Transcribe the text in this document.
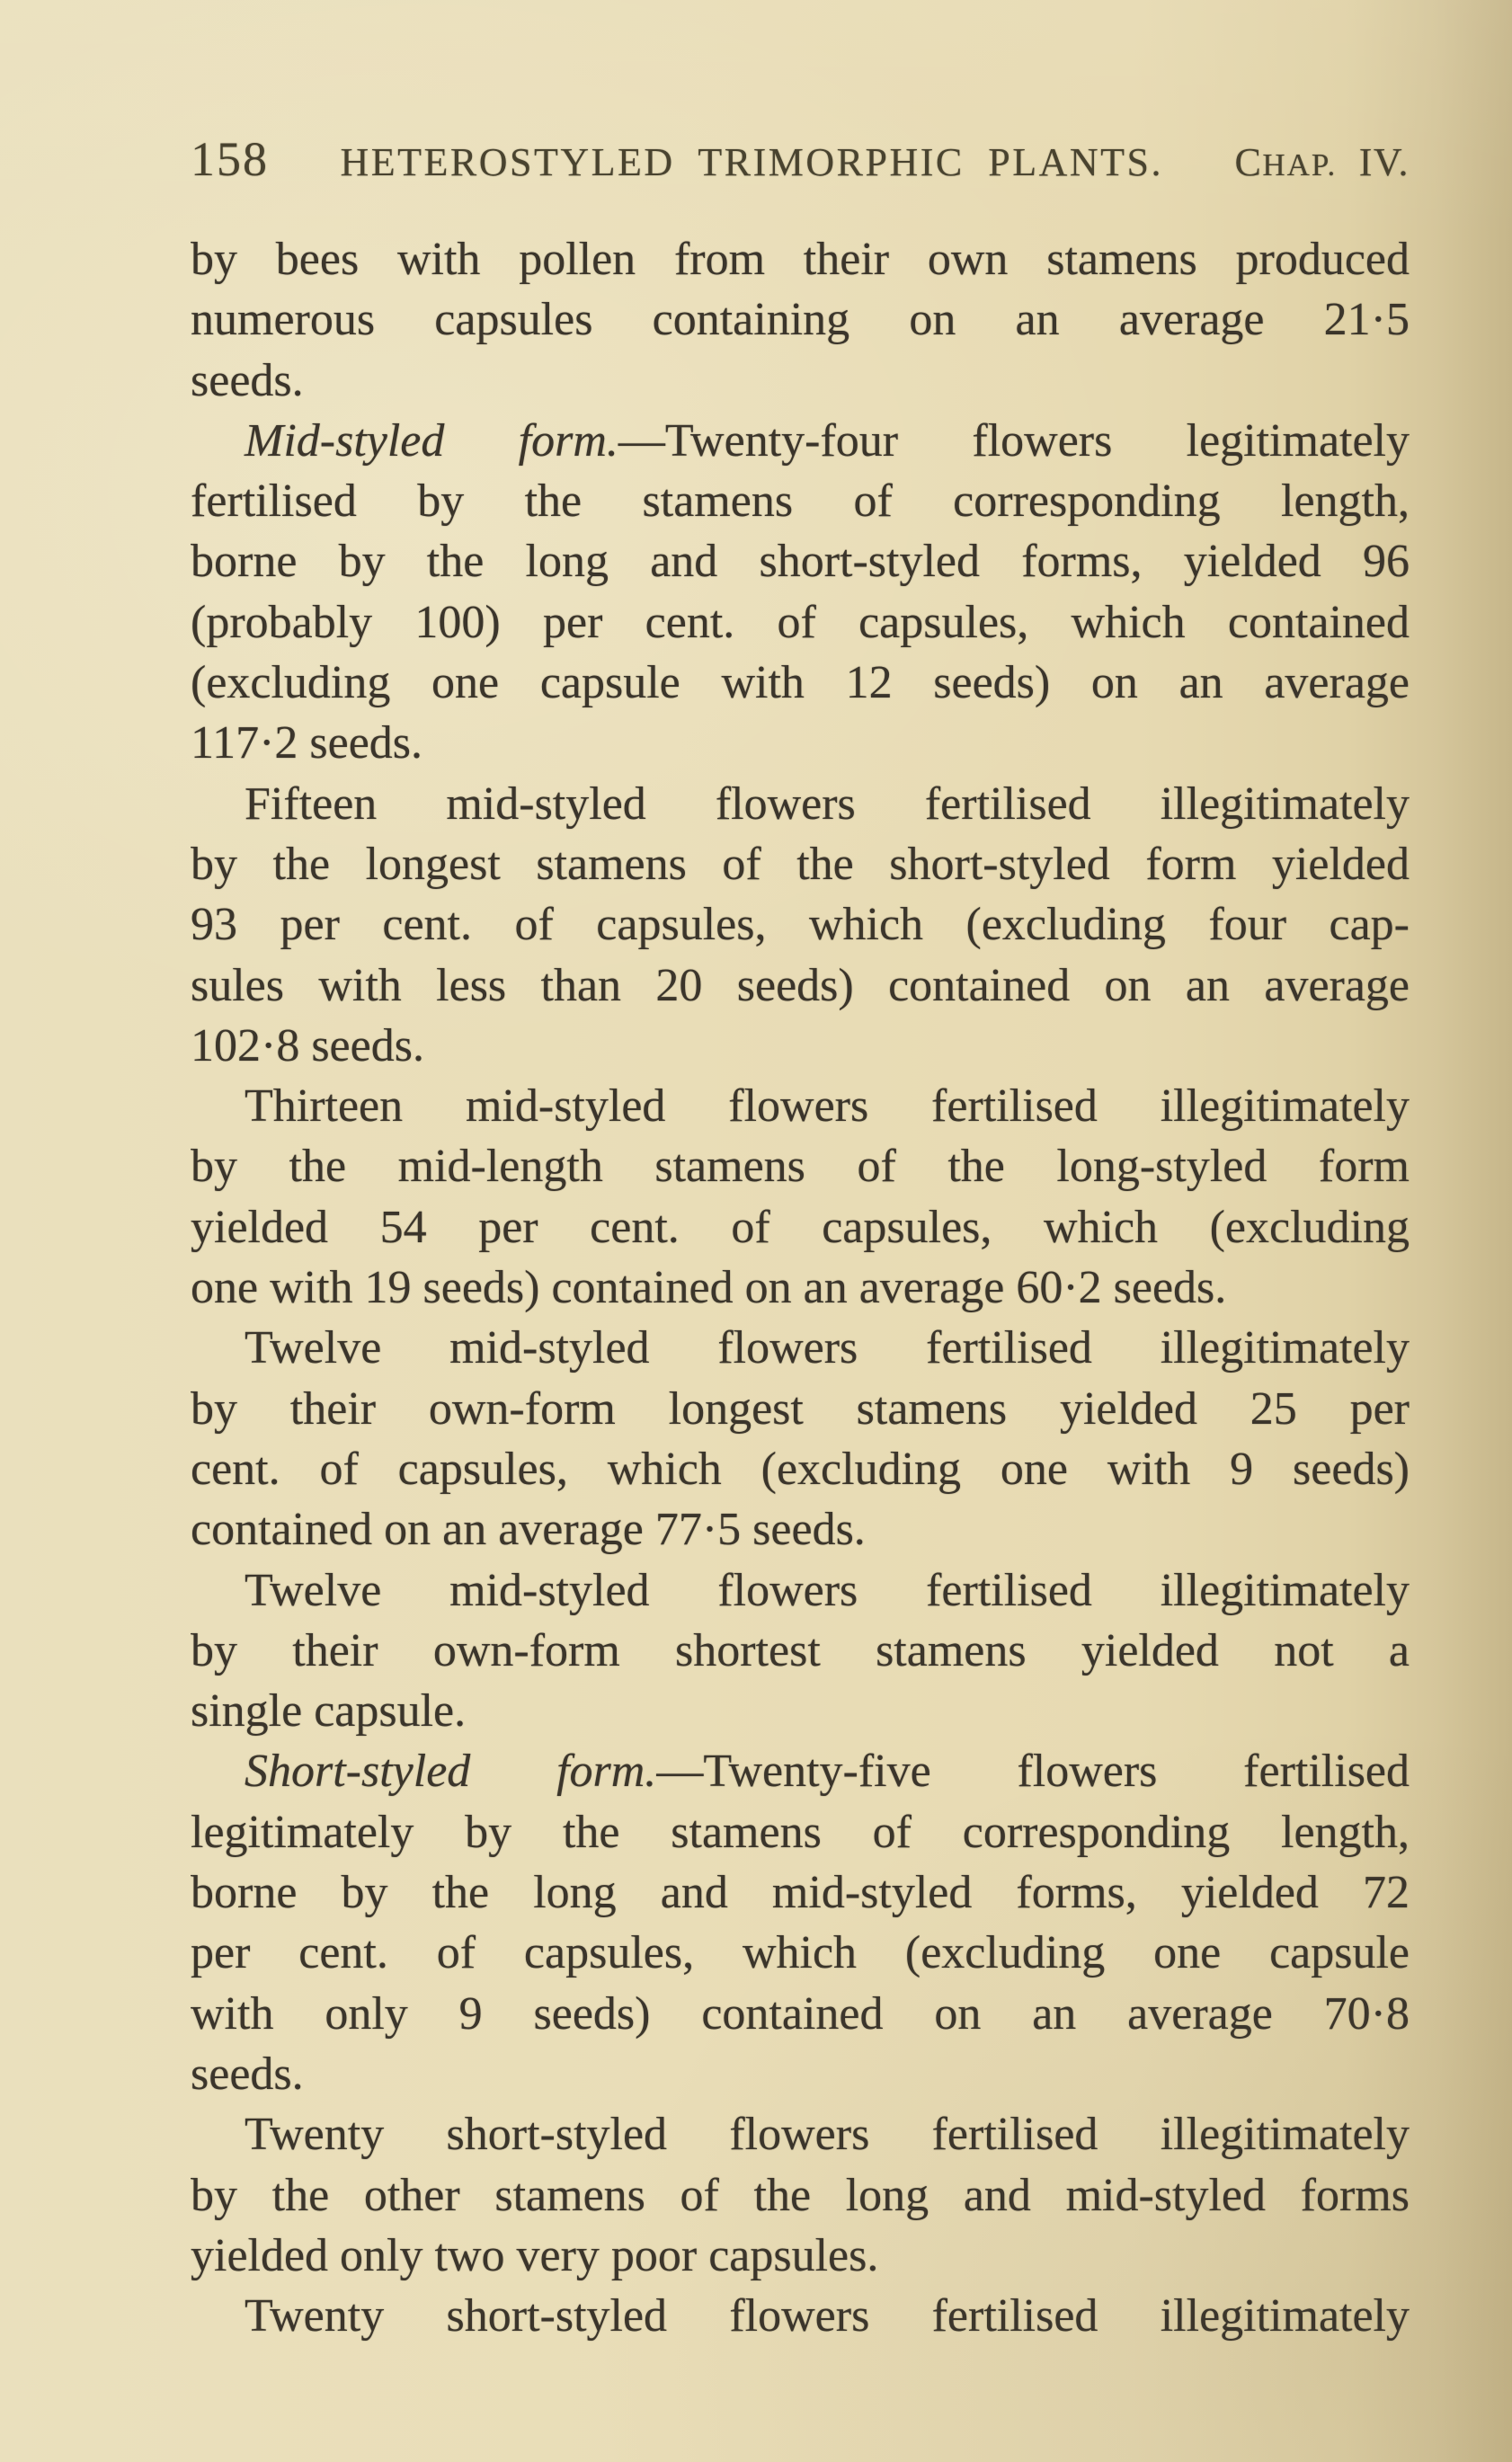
158 HETEROSTYLED TRIMORPHIC PLANTS. CHAP. IV.
by bees with pollen from their own stamens produced
numerous capsules containing on an average 21·5
seeds.
Mid-styled form.—Twenty-four flowers legitimately
fertilised by the stamens of corresponding length,
borne by the long and short-styled forms, yielded 96
(probably 100) per cent. of capsules, which contained
(excluding one capsule with 12 seeds) on an average
117·2 seeds.
Fifteen mid-styled flowers fertilised illegitimately
by the longest stamens of the short-styled form yielded
93 per cent. of capsules, which (excluding four cap-
sules with less than 20 seeds) contained on an average
102·8 seeds.
Thirteen mid-styled flowers fertilised illegitimately
by the mid-length stamens of the long-styled form
yielded 54 per cent. of capsules, which (excluding
one with 19 seeds) contained on an average 60·2 seeds.
Twelve mid-styled flowers fertilised illegitimately
by their own-form longest stamens yielded 25 per
cent. of capsules, which (excluding one with 9 seeds)
contained on an average 77·5 seeds.
Twelve mid-styled flowers fertilised illegitimately
by their own-form shortest stamens yielded not a
single capsule.
Short-styled form.—Twenty-five flowers fertilised
legitimately by the stamens of corresponding length,
borne by the long and mid-styled forms, yielded 72
per cent. of capsules, which (excluding one capsule
with only 9 seeds) contained on an average 70·8
seeds.
Twenty short-styled flowers fertilised illegitimately
by the other stamens of the long and mid-styled forms
yielded only two very poor capsules.
Twenty short-styled flowers fertilised illegitimately
